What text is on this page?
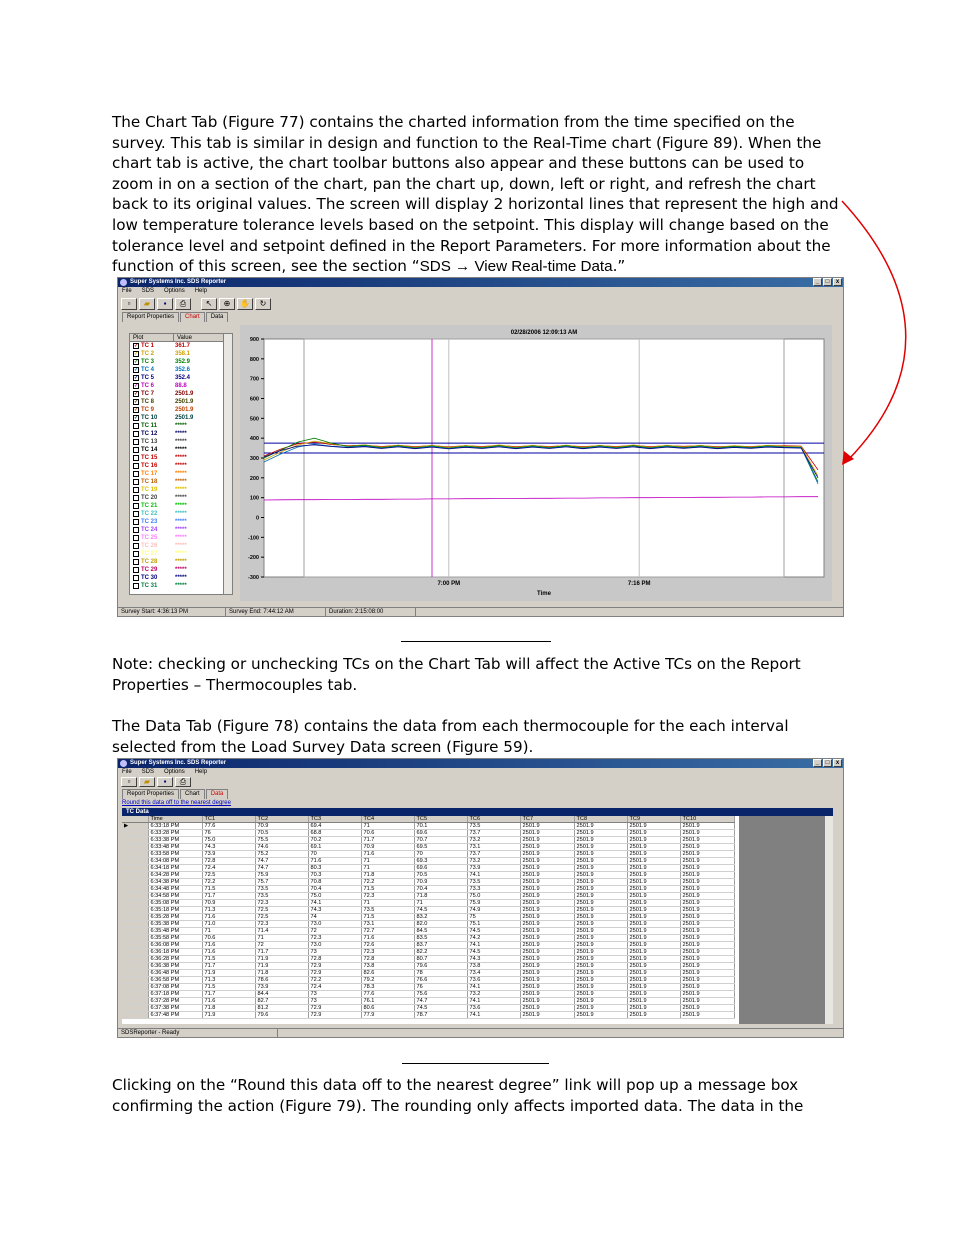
The Chart Tab (Figure 77) contains the charted information from the time specified on the survey. This tab is similar in design and function to the Real-Time chart (Figure 89). When the chart tab is active, the chart toolbar buttons also appear and these buttons can be used to zoom in on a section of the chart, pan the chart up, down, left or right, and refresh the chart back to its original values. The screen will display 2 horizontal lines that represent the high and low temperature tolerance levels based on the setpoint. This display will change based on the tolerance level and setpoint defined in the Report Parameters. For more information about the function of this screen, see the section “SDS → View Real-time Data.”

Super Systems Inc. SDS Reporter	_	□	x
File SDS Options Help
▫	▰	▪	⎙	↖	⊕	✋	↻
Report Properties	Chart	Data
Plot	Value
✓ TC 1	361.7
✓ TC 2	358.1
✓ TC 3	352.9
✓ TC 4	352.6
✓ TC 5	352.4
✓ TC 6	88.8
✓ TC 7	2501.9
✓ TC 8	2501.9
✓ TC 9	2501.9
✓ TC 10	2501.9
TC 11	*****
TC 12	*****
TC 13	*****
TC 14	*****
TC 15	*****
TC 16	*****
TC 17	*****
TC 18	*****
TC 19	*****
TC 20	*****
TC 21	*****
TC 22	*****
TC 23	*****
TC 24	*****
TC 25	*****
TC 26	*****
TC 27	*****
TC 28	*****
TC 29	*****
TC 30	*****
TC 31	*****
02/28/2006 12:09:13 AM
900
800
700
600
500
400
300
200
100
0
-100
-200
-300
7:00 PM	7:16 PM
Time
Survey Start: 4:36:13 PM	Survey End: 7:44:12 AM	Duration: 2:15:08:00

Note: checking or unchecking TCs on the Chart Tab will affect the Active TCs on the Report Properties – Thermocouples tab.

The Data Tab (Figure 78) contains the data from each thermocouple for the each interval selected from the Load Survey Data screen (Figure 59).

Super Systems Inc. SDS Reporter	_	□	x
File SDS Options Help
▫	▰	▪	⎙
Report Properties	Chart	Data
Round this data off to the nearest degree
TC Data
	Time	TC1	TC2	TC3	TC4	TC5	TC6	TC7	TC8	TC9	TC10
▶	6:33:18 PM	77.6	70.9	69.4	71	70.1	73.5	2501.9	2501.9	2501.9	2501.9
	6:33:28 PM	76	70.5	68.8	70.6	69.6	73.7	2501.9	2501.9	2501.9	2501.9
	6:33:38 PM	75.0	75.5	70.2	71.7	70.7	73.2	2501.9	2501.9	2501.9	2501.9
	6:33:48 PM	74.3	74.6	69.1	70.9	69.5	73.1	2501.9	2501.9	2501.9	2501.9
	6:33:58 PM	73.9	75.2	70	71.6	70	73.7	2501.9	2501.9	2501.9	2501.9
	6:34:08 PM	72.8	74.7	71.6	71	69.3	73.2	2501.9	2501.9	2501.9	2501.9
	6:34:18 PM	72.4	74.7	80.3	71	69.6	73.9	2501.9	2501.9	2501.9	2501.9
	6:34:28 PM	72.5	75.9	70.3	71.8	70.5	74.1	2501.9	2501.9	2501.9	2501.9
	6:34:38 PM	72.2	75.7	70.8	72.2	70.9	73.5	2501.9	2501.9	2501.9	2501.9
	6:34:48 PM	71.5	73.5	70.4	71.5	70.4	73.3	2501.9	2501.9	2501.9	2501.9
	6:34:58 PM	71.7	73.5	75.0	72.3	71.8	75.0	2501.9	2501.9	2501.9	2501.9
	6:35:08 PM	70.9	72.3	74.1	71	71	75.9	2501.9	2501.9	2501.9	2501.9
	6:35:18 PM	71.3	72.5	74.3	73.5	74.5	74.9	2501.9	2501.9	2501.9	2501.9
	6:35:28 PM	71.6	72.5	74	71.5	83.2	75	2501.9	2501.9	2501.9	2501.9
	6:35:38 PM	71.0	72.3	73.0	73.1	82.0	75.1	2501.9	2501.9	2501.9	2501.9
	6:35:48 PM	71	71.4	72	72.7	84.5	74.5	2501.9	2501.9	2501.9	2501.9
	6:35:58 PM	70.6	71	72.3	71.6	83.5	74.2	2501.9	2501.9	2501.9	2501.9
	6:36:08 PM	71.6	72	73.0	72.6	83.7	74.1	2501.9	2501.9	2501.9	2501.9
	6:36:18 PM	71.6	71.7	73	72.3	82.2	74.5	2501.9	2501.9	2501.9	2501.9
	6:36:28 PM	71.5	71.9	72.8	72.8	80.7	74.3	2501.9	2501.9	2501.9	2501.9
	6:36:38 PM	71.7	71.9	72.9	73.8	79.6	73.8	2501.9	2501.9	2501.9	2501.9
	6:36:48 PM	71.9	71.8	72.9	82.6	78	73.4	2501.9	2501.9	2501.9	2501.9
	6:36:58 PM	71.3	78.6	72.2	79.2	76.6	73.6	2501.9	2501.9	2501.9	2501.9
	6:37:08 PM	71.5	73.9	72.4	78.3	76	74.1	2501.9	2501.9	2501.9	2501.9
	6:37:18 PM	71.7	84.4	73	77.6	75.6	73.2	2501.9	2501.9	2501.9	2501.9
	6:37:28 PM	71.6	82.7	73	76.1	74.7	74.1	2501.9	2501.9	2501.9	2501.9
	6:37:38 PM	71.8	81.2	72.9	80.6	74.5	73.6	2501.9	2501.9	2501.9	2501.9
	6:37:48 PM	71.9	79.6	72.9	77.9	78.7	74.1	2501.9	2501.9	2501.9	2501.9
SDSReporter - Ready

Clicking on the “Round this data off to the nearest degree” link will pop up a message box confirming the action (Figure 79). The rounding only affects imported data. The data in the
